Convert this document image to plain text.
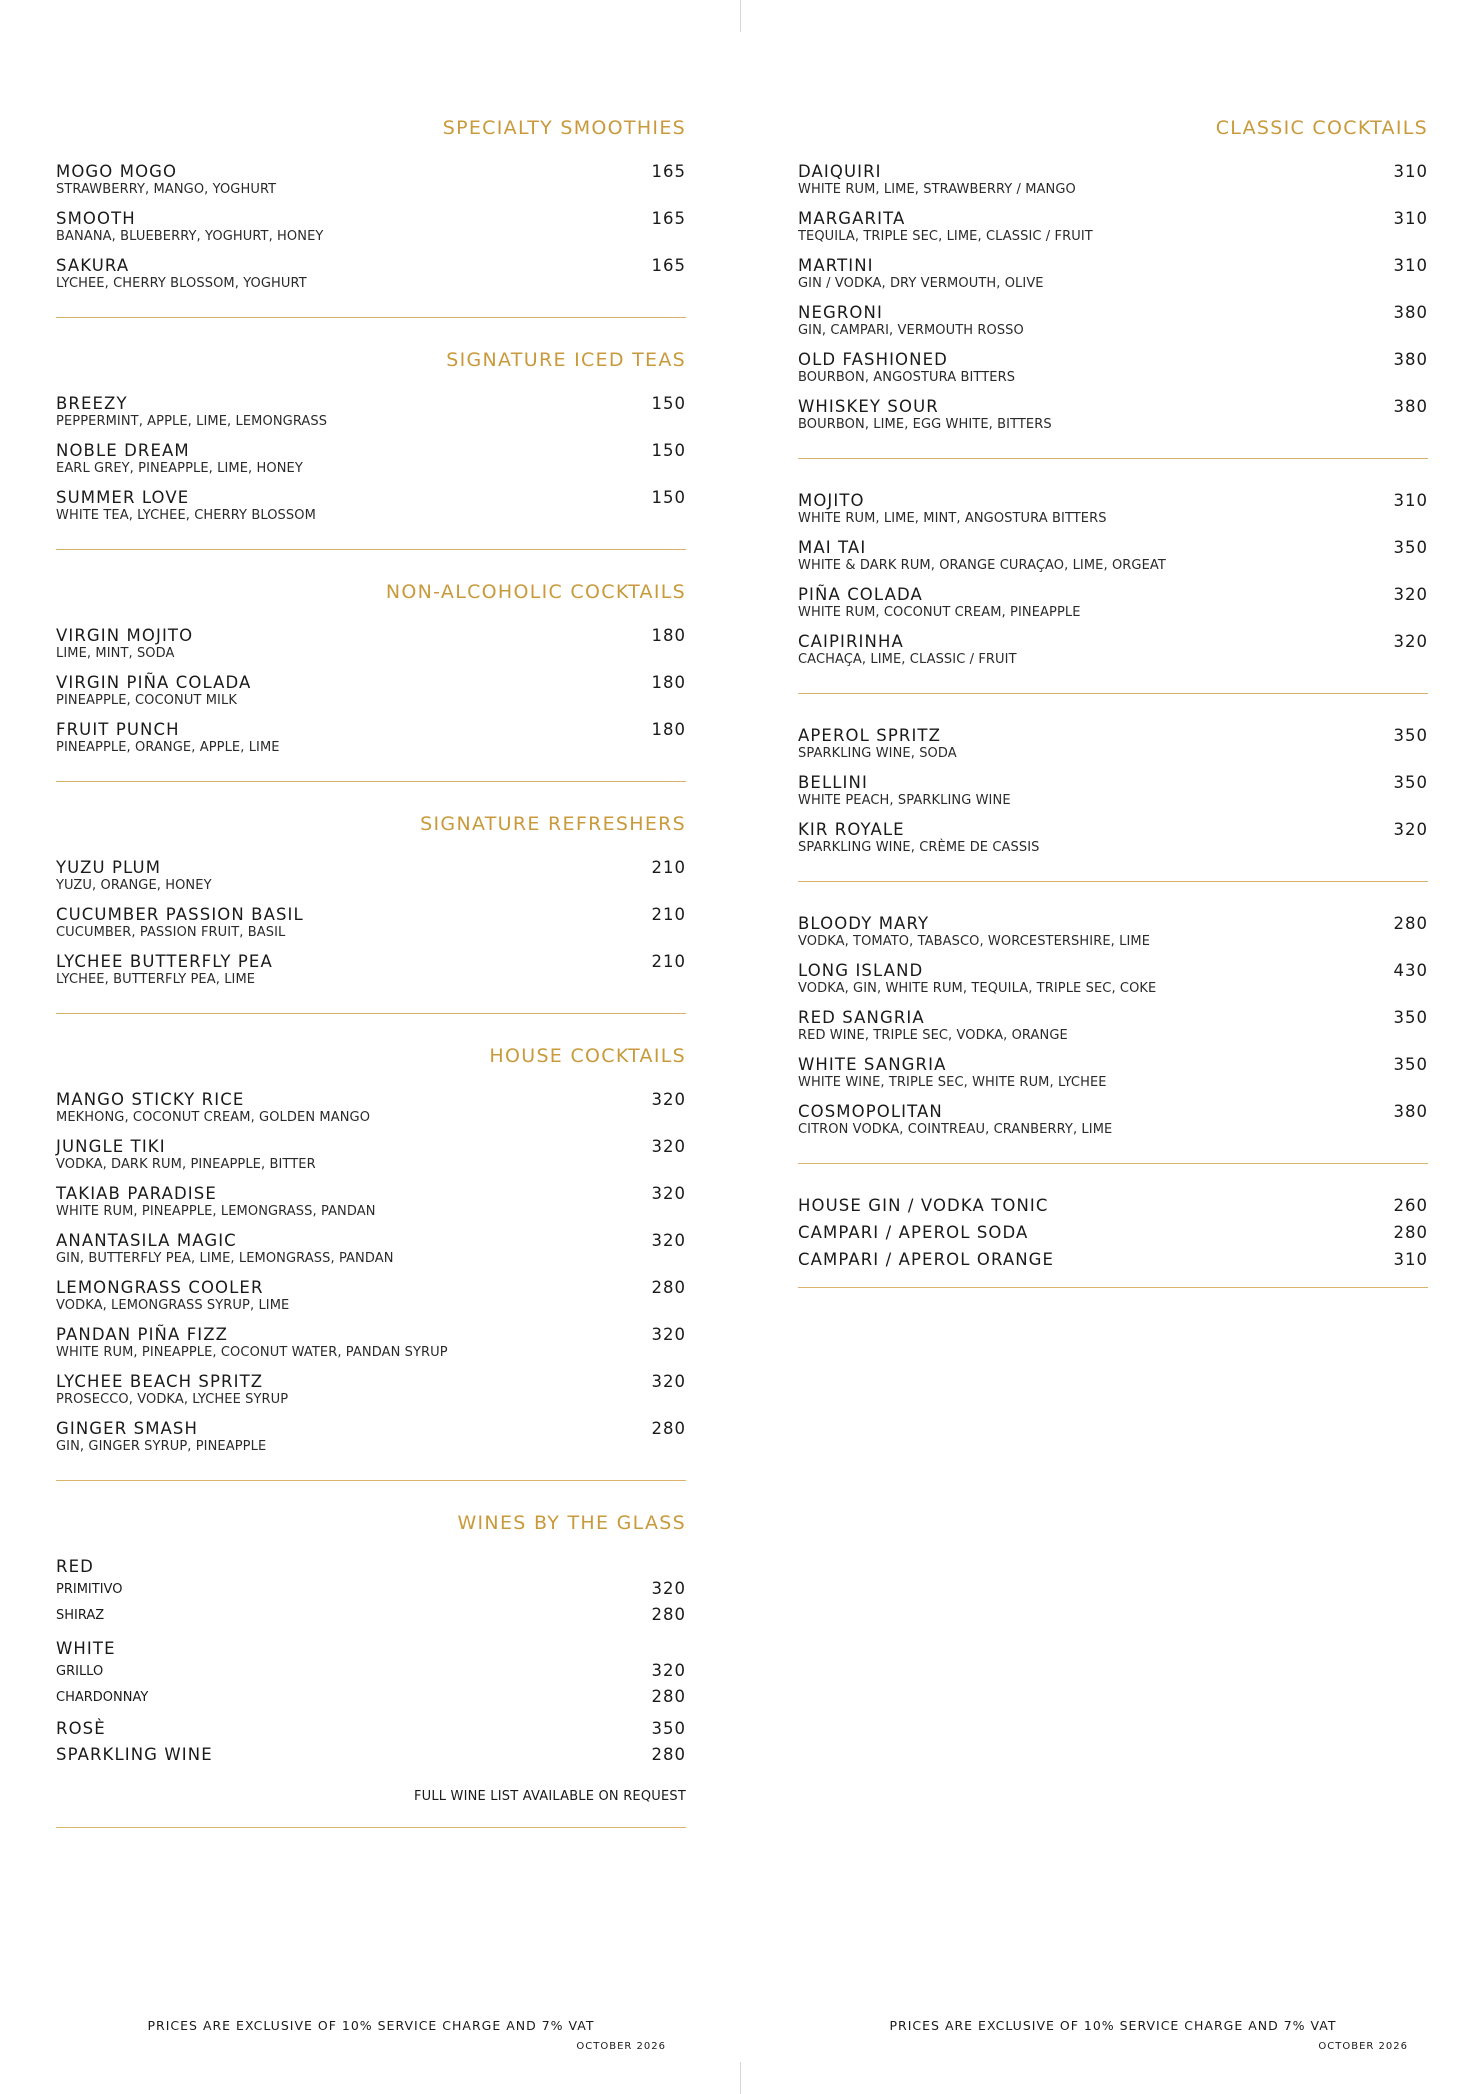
SPECIALTY SMOOTHIES
MOGO MOGO
STRAWBERRY, MANGO, YOGHURT
165
SMOOTH
BANANA, BLUEBERRY, YOGHURT, HONEY
165
SAKURA
LYCHEE, CHERRY BLOSSOM, YOGHURT
165
SIGNATURE ICED TEAS
BREEZY
PEPPERMINT, APPLE, LIME, LEMONGRASS
150
NOBLE DREAM
EARL GREY, PINEAPPLE, LIME, HONEY
150
SUMMER LOVE
WHITE TEA, LYCHEE, CHERRY BLOSSOM
150
NON-ALCOHOLIC COCKTAILS
VIRGIN MOJITO
LIME, MINT, SODA
180
VIRGIN PIÑA COLADA
PINEAPPLE, COCONUT MILK
180
FRUIT PUNCH
PINEAPPLE, ORANGE, APPLE, LIME
180
SIGNATURE REFRESHERS
YUZU PLUM
YUZU, ORANGE, HONEY
210
CUCUMBER PASSION BASIL
CUCUMBER, PASSION FRUIT, BASIL
210
LYCHEE BUTTERFLY PEA
LYCHEE, BUTTERFLY PEA, LIME
210
HOUSE COCKTAILS
MANGO STICKY RICE
MEKHONG, COCONUT CREAM, GOLDEN MANGO
320
JUNGLE TIKI
VODKA, DARK RUM, PINEAPPLE, BITTER
320
TAKIAB PARADISE
WHITE RUM, PINEAPPLE, LEMONGRASS, PANDAN
320
ANANTASILA MAGIC
GIN, BUTTERFLY PEA, LIME, LEMONGRASS, PANDAN
320
LEMONGRASS COOLER
VODKA, LEMONGRASS SYRUP, LIME
280
PANDAN PIÑA FIZZ
WHITE RUM, PINEAPPLE, COCONUT WATER, PANDAN SYRUP
320
LYCHEE BEACH SPRITZ
PROSECCO, VODKA, LYCHEE SYRUP
320
GINGER SMASH
GIN, GINGER SYRUP, PINEAPPLE
280
WINES BY THE GLASS
RED
PRIMITIVO	320
SHIRAZ	280
WHITE
GRILLO	320
CHARDONNAY	280
ROSÈ	350
SPARKLING WINE	280
FULL WINE LIST AVAILABLE ON REQUEST
CLASSIC COCKTAILS
DAIQUIRI
WHITE RUM, LIME, STRAWBERRY / MANGO
310
MARGARITA
TEQUILA, TRIPLE SEC, LIME, CLASSIC / FRUIT
310
MARTINI
GIN / VODKA, DRY VERMOUTH, OLIVE
310
NEGRONI
GIN, CAMPARI, VERMOUTH ROSSO
380
OLD FASHIONED
BOURBON, ANGOSTURA BITTERS
380
WHISKEY SOUR
BOURBON, LIME, EGG WHITE, BITTERS
380
MOJITO
WHITE RUM, LIME, MINT, ANGOSTURA BITTERS
310
MAI TAI
WHITE & DARK RUM, ORANGE CURAÇAO, LIME, ORGEAT
350
PIÑA COLADA
WHITE RUM, COCONUT CREAM, PINEAPPLE
320
CAIPIRINHA
CACHAÇA, LIME, CLASSIC / FRUIT
320
APEROL SPRITZ
SPARKLING WINE, SODA
350
BELLINI
WHITE PEACH, SPARKLING WINE
350
KIR ROYALE
SPARKLING WINE, CRÈME DE CASSIS
320
BLOODY MARY
VODKA, TOMATO, TABASCO, WORCESTERSHIRE, LIME
280
LONG ISLAND
VODKA, GIN, WHITE RUM, TEQUILA, TRIPLE SEC, COKE
430
RED SANGRIA
RED WINE, TRIPLE SEC, VODKA, ORANGE
350
WHITE SANGRIA
WHITE WINE, TRIPLE SEC, WHITE RUM, LYCHEE
350
COSMOPOLITAN
CITRON VODKA, COINTREAU, CRANBERRY, LIME
380
HOUSE GIN / VODKA TONIC	260
CAMPARI / APEROL SODA	280
CAMPARI / APEROL ORANGE	310
PRICES ARE EXCLUSIVE OF 10% SERVICE CHARGE AND 7% VAT
OCTOBER 2026
PRICES ARE EXCLUSIVE OF 10% SERVICE CHARGE AND 7% VAT
OCTOBER 2026
